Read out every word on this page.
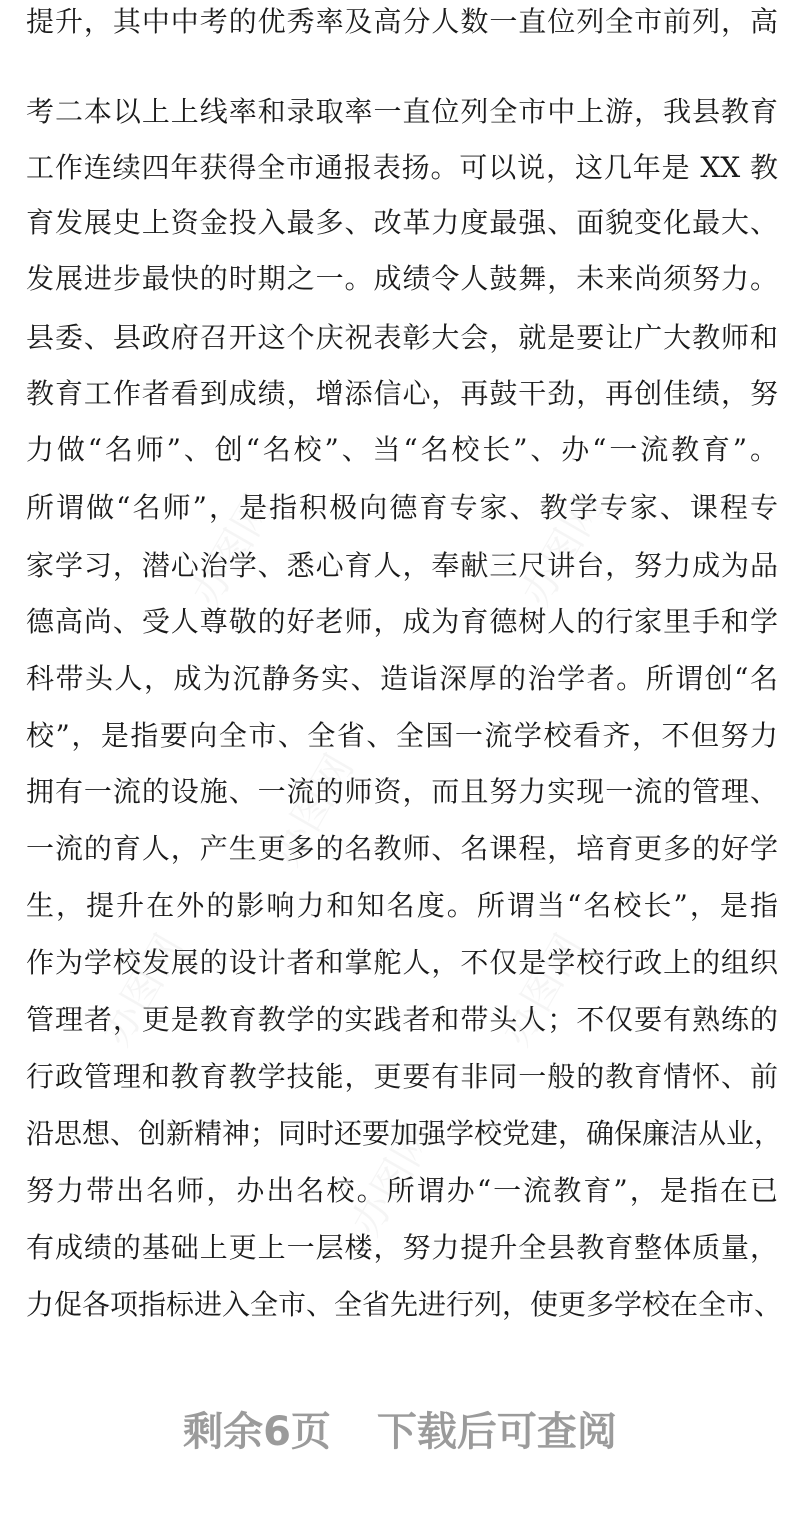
办图网	办图网
办图网
办图网	办图网
办图网
提升，其中中考的优秀率及高分人数一直位列全市前列，高
考二本以上上线率和录取率一直位列全市中上游，我县教育
工作连续四年获得全市通报表扬。可以说，这几年是 XX 教
育发展史上资金投入最多、改革力度最强、面貌变化最大、
发展进步最快的时期之一。成绩令人鼓舞，未来尚须努力。
县委、县政府召开这个庆祝表彰大会，就是要让广大教师和
教育工作者看到成绩，增添信心，再鼓干劲，再创佳绩，努
力做“名师”、创“名校”、当“名校长”、办“一流教育”。
所谓做“名师”，是指积极向德育专家、教学专家、课程专
家学习，潜心治学、悉心育人，奉献三尺讲台，努力成为品
德高尚、受人尊敬的好老师，成为育德树人的行家里手和学
科带头人，成为沉静务实、造诣深厚的治学者。所谓创“名
校”，是指要向全市、全省、全国一流学校看齐，不但努力
拥有一流的设施、一流的师资，而且努力实现一流的管理、
一流的育人，产生更多的名教师、名课程，培育更多的好学
生，提升在外的影响力和知名度。所谓当“名校长”，是指
作为学校发展的设计者和掌舵人，不仅是学校行政上的组织
管理者，更是教育教学的实践者和带头人；不仅要有熟练的
行政管理和教育教学技能，更要有非同一般的教育情怀、前
沿思想、创新精神；同时还要加强学校党建，确保廉洁从业，
努力带出名师，办出名校。所谓办“一流教育”，是指在已
有成绩的基础上更上一层楼，努力提升全县教育整体质量，
力促各项指标进入全市、全省先进行列，使更多学校在全市、
剩余6页 下载后可查阅
